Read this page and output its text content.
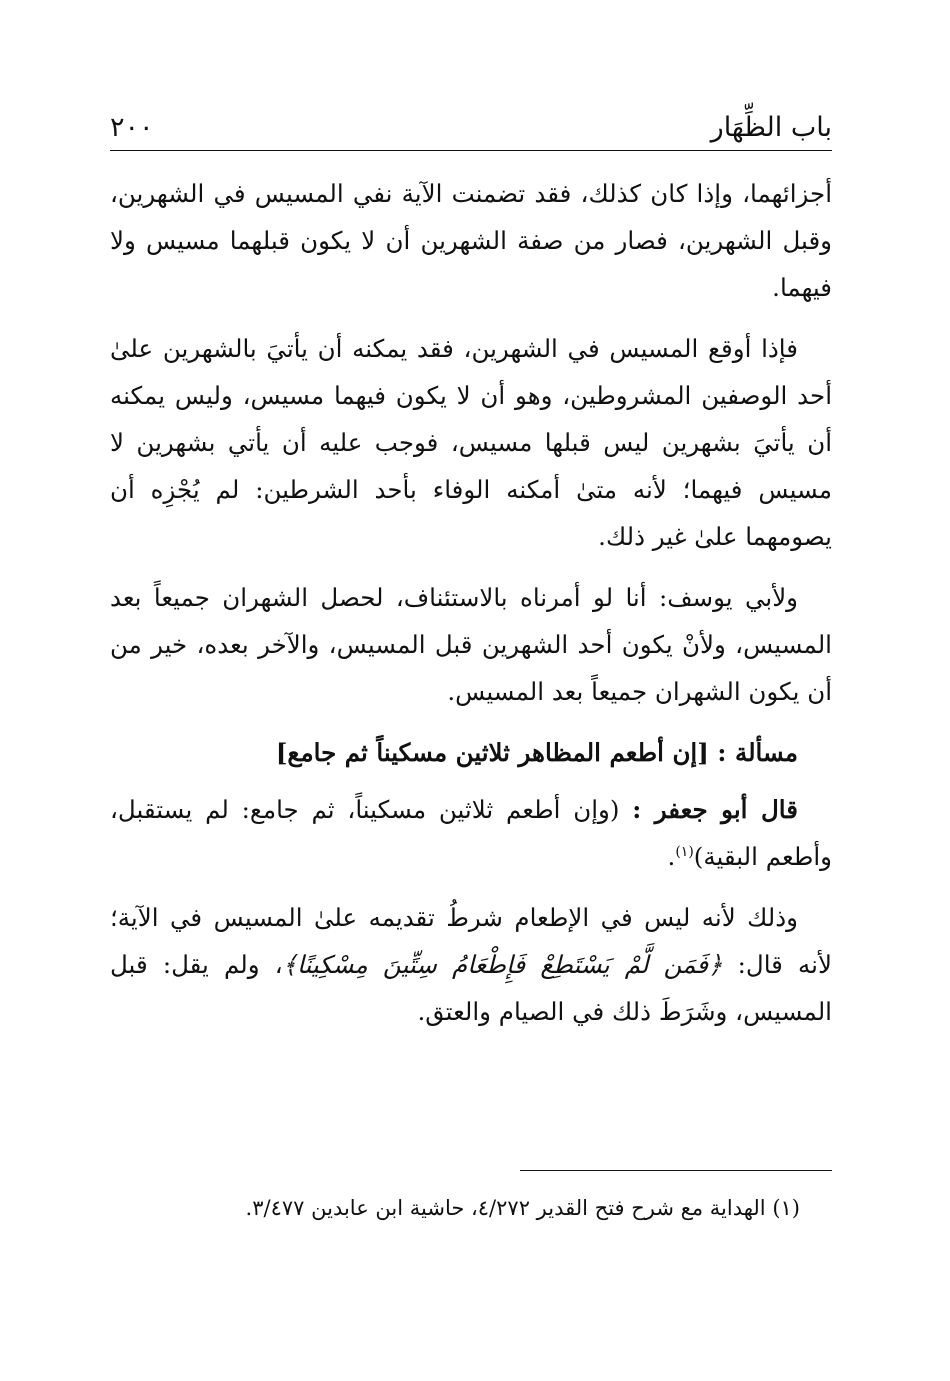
باب الظِّهَار
٢٠٠

أجزائهما، وإذا كان كذلك، فقد تضمنت الآية نفي المسيس في الشهرين، وقبل الشهرين، فصار من صفة الشهرين أن لا يكون قبلهما مسيس ولا فيهما.

فإذا أوقع المسيس في الشهرين، فقد يمكنه أن يأتيَ بالشهرين علىٰ أحد الوصفين المشروطين، وهو أن لا يكون فيهما مسيس، وليس يمكنه أن يأتيَ بشهرين ليس قبلها مسيس، فوجب عليه أن يأتي بشهرين لا مسيس فيهما؛ لأنه متىٰ أمكنه الوفاء بأحد الشرطين: لم يُجْزِه أن يصومهما علىٰ غير ذلك.

ولأبي يوسف: أنا لو أمرناه بالاستئناف، لحصل الشهران جميعاً بعد المسيس، ولأنْ يكون أحد الشهرين قبل المسيس، والآخر بعده، خير من أن يكون الشهران جميعاً بعد المسيس.

مسألة : [إن أطعم المظاهر ثلاثين مسكيناً ثم جامع]

قال أبو جعفر : (وإن أطعم ثلاثين مسكيناً، ثم جامع: لم يستقبل، وأطعم البقية)$^{(١)}$.

وذلك لأنه ليس في الإطعام شرطُ تقديمه علىٰ المسيس في الآية؛ لأنه قال: ﴿فَمَن لَّمْ يَسْتَطِعْ فَإِطْعَامُ سِتِّينَ مِسْكِينًا﴾، ولم يقل: قبل المسيس، وشَرَطَ ذلك في الصيام والعتق.

(١) الهداية مع شرح فتح القدير ٤/٢٧٢، حاشية ابن عابدين ٣/٤٧٧.
